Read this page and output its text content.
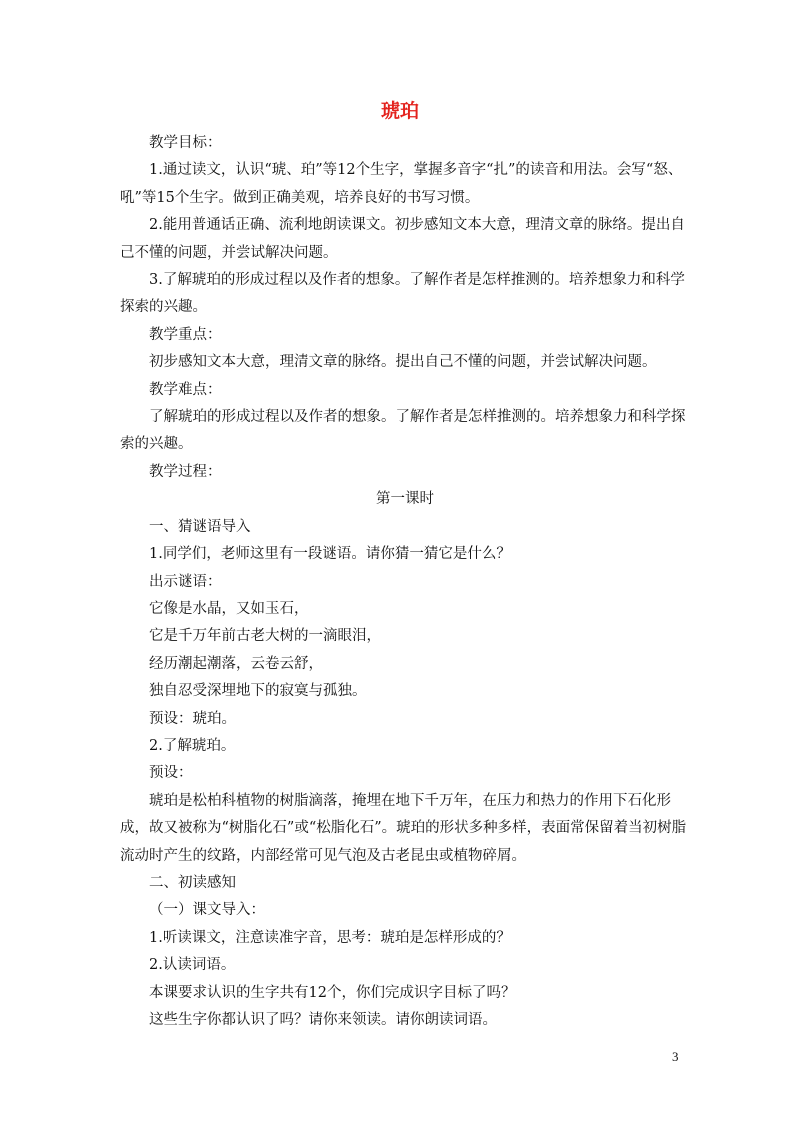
琥珀

教学目标：

1.通过读文，认识“琥、珀”等12个生字，掌握多音字“扎”的读音和用法。会写“怒、吼”等15个生字。做到正确美观，培养良好的书写习惯。

2.能用普通话正确、流利地朗读课文。初步感知文本大意，理清文章的脉络。提出自己不懂的问题，并尝试解决问题。

3.了解琥珀的形成过程以及作者的想象。了解作者是怎样推测的。培养想象力和科学探索的兴趣。

教学重点：

初步感知文本大意，理清文章的脉络。提出自己不懂的问题，并尝试解决问题。

教学难点：

了解琥珀的形成过程以及作者的想象。了解作者是怎样推测的。培养想象力和科学探索的兴趣。

教学过程：

第一课时

一、猜谜语导入

1.同学们，老师这里有一段谜语。请你猜一猜它是什么？

出示谜语：

它像是水晶，又如玉石，

它是千万年前古老大树的一滴眼泪，

经历潮起潮落，云卷云舒，

独自忍受深埋地下的寂寞与孤独。

预设：琥珀。

2.了解琥珀。

预设：

琥珀是松柏科植物的树脂滴落，掩埋在地下千万年，在压力和热力的作用下石化形成，故又被称为“树脂化石”或“松脂化石”。琥珀的形状多种多样，表面常保留着当初树脂流动时产生的纹路，内部经常可见气泡及古老昆虫或植物碎屑。

二、初读感知

（一）课文导入：

1.听读课文，注意读准字音，思考：琥珀是怎样形成的？

2.认读词语。

本课要求认识的生字共有12个，你们完成识字目标了吗？

这些生字你都认识了吗？请你来领读。请你朗读词语。

3
